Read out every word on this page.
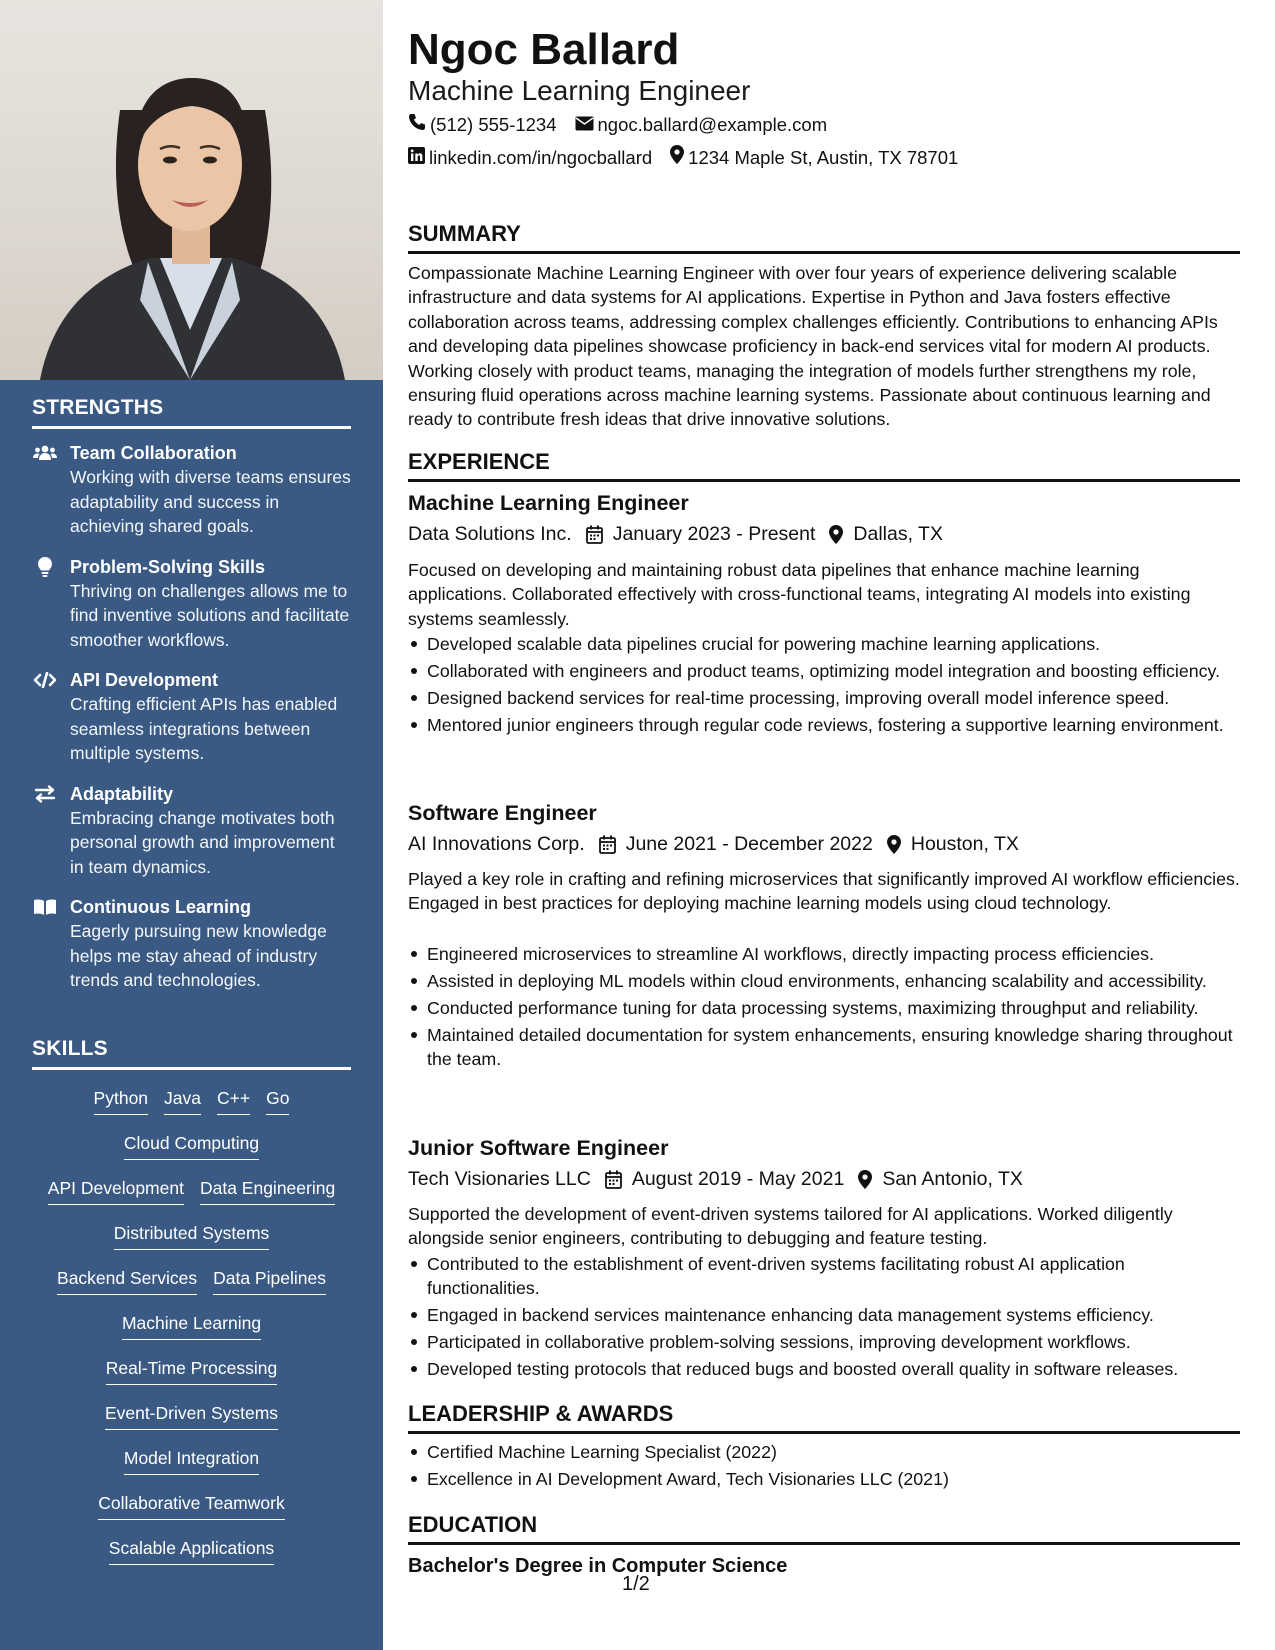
STRENGTHS
Team Collaboration
Working with diverse teams ensures adaptability and success in achieving shared goals.
Problem-Solving Skills
Thriving on challenges allows me to find inventive solutions and facilitate smoother workflows.
API Development
Crafting efficient APIs has enabled seamless integrations between multiple systems.
Adaptability
Embracing change motivates both personal growth and improvement in team dynamics.
Continuous Learning
Eagerly pursuing new knowledge helps me stay ahead of industry trends and technologies.
SKILLS
Python Java C++ Go
Cloud Computing
API Development Data Engineering
Distributed Systems
Backend Services Data Pipelines
Machine Learning
Real-Time Processing
Event-Driven Systems
Model Integration
Collaborative Teamwork
Scalable Applications
Ngoc Ballard
Machine Learning Engineer
(512) 555-1234 ngoc.ballard@example.com
linkedin.com/in/ngocballard 1234 Maple St, Austin, TX 78701
SUMMARY

Compassionate Machine Learning Engineer with over four years of experience delivering scalable infrastructure and data systems for AI applications. Expertise in Python and Java fosters effective collaboration across teams, addressing complex challenges efficiently. Contributions to enhancing APIs and developing data pipelines showcase proficiency in back-end services vital for modern AI products. Working closely with product teams, managing the integration of models further strengthens my role, ensuring fluid operations across machine learning systems. Passionate about continuous learning and ready to contribute fresh ideas that drive innovative solutions.

EXPERIENCE
Machine Learning Engineer
Data Solutions Inc. January 2023 - Present Dallas, TX

Focused on developing and maintaining robust data pipelines that enhance machine learning applications. Collaborated effectively with cross-functional teams, integrating AI models into existing systems seamlessly.

Developed scalable data pipelines crucial for powering machine learning applications.
Collaborated with engineers and product teams, optimizing model integration and boosting efficiency.
Designed backend services for real-time processing, improving overall model inference speed.
Mentored junior engineers through regular code reviews, fostering a supportive learning environment.
Software Engineer
AI Innovations Corp. June 2021 - December 2022 Houston, TX

Played a key role in crafting and refining microservices that significantly improved AI workflow efficiencies. Engaged in best practices for deploying machine learning models using cloud technology.

Engineered microservices to streamline AI workflows, directly impacting process efficiencies.
Assisted in deploying ML models within cloud environments, enhancing scalability and accessibility.
Conducted performance tuning for data processing systems, maximizing throughput and reliability.
Maintained detailed documentation for system enhancements, ensuring knowledge sharing throughout the team.
Junior Software Engineer
Tech Visionaries LLC August 2019 - May 2021 San Antonio, TX

Supported the development of event-driven systems tailored for AI applications. Worked diligently alongside senior engineers, contributing to debugging and feature testing.

Contributed to the establishment of event-driven systems facilitating robust AI application functionalities.
Engaged in backend services maintenance enhancing data management systems efficiency.
Participated in collaborative problem-solving sessions, improving development workflows.
Developed testing protocols that reduced bugs and boosted overall quality in software releases.
LEADERSHIP & AWARDS
Certified Machine Learning Specialist (2022)
Excellence in AI Development Award, Tech Visionaries LLC (2021)
EDUCATION
Bachelor's Degree in Computer Science
1/2
